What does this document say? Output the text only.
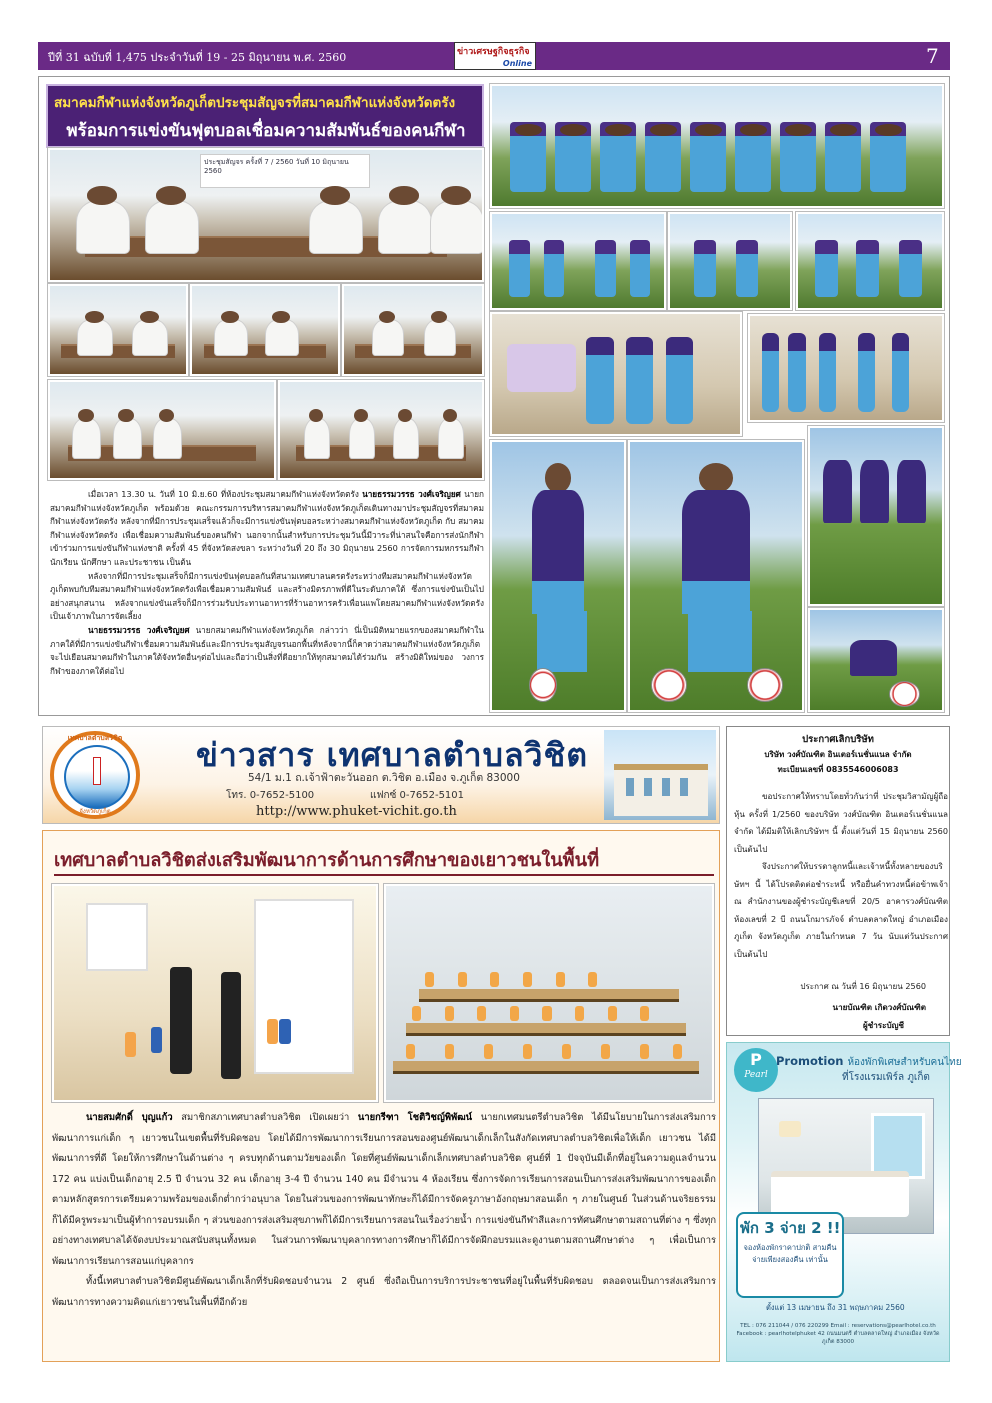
ปีที่ 31 ฉบับที่ 1,475 ประจำวันที่ 19 - 25 มิถุนายน พ.ศ. 2560	ข่าวเศรษฐกิจธุรกิจ
Online	7
สมาคมกีฬาแห่งจังหวัดภูเก็ตประชุมสัญจรที่สมาคมกีฬาแห่งจังหวัดตรัง
พร้อมการแข่งขันฟุตบอลเชื่อมความสัมพันธ์ของคนกีฬา
ประชุมสัญจร ครั้งที่ 7 / 2560 วันที่ 10 มิถุนายน 2560

เมื่อเวลา 13.30 น. วันที่ 10 มิ.ย.60 ที่ห้องประชุมสมาคมกีฬาแห่งจังหวัดตรัง นายธรรมวรรธ วงศ์เจริญยศ นายกสมาคมกีฬาแห่งจังหวัดภูเก็ต พร้อมด้วย คณะกรรมการบริหารสมาคมกีฬาแห่งจังหวัดภูเก็ตเดินทางมาประชุมสัญจรที่สมาคมกีฬาแห่งจังหวัดตรัง หลังจากที่มีการประชุมเสร็จแล้วก็จะมีการแข่งขันฟุตบอลระหว่างสมาคมกีฬาแห่งจังหวัดภูเก็ต กับ สมาคมกีฬาแห่งจังหวัดตรัง เพื่อเชื่อมความสัมพันธ์ของคนกีฬา นอกจากนั้นสำหรับการประชุมวันนี้มีวาระที่น่าสนใจคือการส่งนักกีฬาเข้าร่วมการแข่งขันกีฬาแห่งชาติ ครั้งที่ 45 ที่จังหวัดสงขลา ระหว่างวันที่ 20 ถึง 30 มิถุนายน 2560 การจัดการมหกรรมกีฬานักเรียน นักศึกษา และประชาชน เป็นต้น

หลังจากที่มีการประชุมเสร็จก็มีการแข่งขันฟุตบอลกันที่สนามเทศบาลนครตรังระหว่างทีมสมาคมกีฬาแห่งจังหวัดภูเก็ตพบกับทีมสมาคมกีฬาแห่งจังหวัดตรังเพื่อเชื่อมความสัมพันธ์ และสร้างมิตรภาพที่ดีในระดับภาคใต้ ซึ่งการแข่งขันเป็นไปอย่างสนุกสนาน หลังจากแข่งขันเสร็จก็มีการร่วมรับประทานอาหารที่ร้านอาหารครัวเพื่อนแพโดยสมาคมกีฬาแห่งจังหวัดตรังเป็นเจ้าภาพในการจัดเลี้ยง

นายธรรมวรรธ วงศ์เจริญยศ นายกสมาคมกีฬาแห่งจังหวัดภูเก็ต กล่าวว่า นี่เป็นมิติหมายแรกของสมาคมกีฬาในภาคใต้ที่มีการแข่งขันกีฬาเชื่อมความสัมพันธ์และมีการประชุมสัญจรนอกพื้นที่หลังจากนี้ก็คาดว่าสมาคมกีฬาแห่งจังหวัดภูเก็ตจะไปเยือนสมาคมกีฬาในภาคใต้จังหวัดอื่นๆต่อไปและถือว่าเป็นสิ่งที่ดีอยากให้ทุกสมาคมได้ร่วมกัน สร้างมิติใหม่ของ วงการกีฬาของภาคใต้ต่อไป

เทศบาลตำบลวิชิต
จังหวัดภูเก็ต
ข่าวสาร เทศบาลตำบลวิชิต
54/1 ม.1 ถ.เจ้าฟ้าตะวันออก ต.วิชิต อ.เมือง จ.ภูเก็ต 83000
โทร. 0-7652-5100	แฟกซ์ 0-7652-5101
http://www.phuket-vichit.go.th
ประกาศเลิกบริษัท
บริษัท วงศ์บัณฑิต อินเตอร์เนชั่นแนล จำกัด
ทะเบียนเลขที่ 0835546006083

ขอประกาศให้ทราบโดยทั่วกันว่าที่ ประชุมวิสามัญผู้ถือหุ้น ครั้งที่ 1/2560 ของบริษัท วงศ์บัณฑิต อินเตอร์เนชั่นแนล จำกัด ได้มีมติให้เลิกบริษัทฯ นี้ ตั้งแต่วันที่ 15 มิถุนายน 2560 เป็นต้นไป

จึงประกาศให้บรรดาลูกหนี้และเจ้าหนี้ทั้งหลายของบริษัทฯ นี้ ได้โปรดติดต่อชำระหนี้ หรือยื่นคำทวงหนี้ต่อข้าพเจ้า ณ สำนักงานของผู้ชำระบัญชีเลขที่ 20/5 อาคารวงศ์บัณฑิต ห้องเลขที่ 2 บี ถนนโกมารภัจจ์ ตำบลตลาดใหญ่ อำเภอเมืองภูเก็ต จังหวัดภูเก็ต ภายในกำหนด 7 วัน นับแต่วันประกาศเป็นต้นไป

ประกาศ ณ วันที่ 16 มิถุนายน 2560
นายบัณฑิต เกิดวงศ์บัณฑิต
ผู้ชำระบัญชี
เทศบาลตำบลวิชิตส่งเสริมพัฒนาการด้านการศึกษาของเยาวชนในพื้นที่

นายสมศักดิ์ บุญแก้ว สมาชิกสภาเทศบาลตำบลวิชิต เปิดเผยว่า นายกรีฑา โชติวิชญ์พิพัฒน์ นายกเทศมนตรีตำบลวิชิต ได้มีนโยบายในการส่งเสริมการพัฒนาการแก่เด็ก ๆ เยาวชนในเขตพื้นที่รับผิดชอบ โดยได้มีการพัฒนาการเรียนการสอนของศูนย์พัฒนาเด็กเล็กในสังกัดเทศบาลตำบลวิชิตเพื่อให้เด็ก เยาวชน ได้มีพัฒนาการที่ดี โดยให้การศึกษาในด้านต่าง ๆ ครบทุกด้านตามวัยของเด็ก โดยที่ศูนย์พัฒนาเด็กเล็กเทศบาลตำบลวิชิต ศูนย์ที่ 1 ปัจจุบันมีเด็กที่อยู่ในความดูแลจำนวน 172 คน แบ่งเป็นเด็กอายุ 2.5 ปี จำนวน 32 คน เด็กอายุ 3-4 ปี จำนวน 140 คน มีจำนวน 4 ห้องเรียน ซึ่งการจัดการเรียนการสอนเป็นการส่งเสริมพัฒนาการของเด็ก ตามหลักสูตรการเตรียมความพร้อมของเด็กต่ำกว่าอนุบาล โดยในส่วนของการพัฒนาทักษะก็ได้มีการจัดครูภาษาอังกฤษมาสอนเด็ก ๆ ภายในศูนย์ ในส่วนด้านจริยธรรมก็ได้มีครูพระมาเป็นผู้ทำการอบรมเด็ก ๆ ส่วนของการส่งเสริมสุขภาพก็ได้มีการเรียนการสอนในเรื่องว่ายน้ำ การแข่งขันกีฬาสีและการทัศนศึกษาตามสถานที่ต่าง ๆ ซึ่งทุกอย่างทางเทศบาลได้จัดงบประมาณสนับสนุนทั้งหมด ในส่วนการพัฒนาบุคลากรทางการศึกษาก็ได้มีการจัดฝึกอบรมและดูงานตามสถานศึกษาต่าง ๆ เพื่อเป็นการพัฒนาการเรียนการสอนแก่บุคลากร

ทั้งนี้เทศบาลตำบลวิชิตมีศูนย์พัฒนาเด็กเล็กที่รับผิดชอบจำนวน 2 ศูนย์ ซึ่งถือเป็นการบริการประชาชนที่อยู่ในพื้นที่รับผิดชอบ ตลอดจนเป็นการส่งเสริมการพัฒนาการทางความคิดแก่เยาวชนในพื้นที่อีกด้วย

P
Pearl
Promotion ห้องพักพิเศษสำหรับคนไทย
ที่โรงแรมเพิร์ล ภูเก็ต
พัก 3 จ่าย 2 !!
จองห้องพักราคาปกติ สามคืนจ่ายเพียงสองคืน เท่านั้น
ตั้งแต่ 13 เมษายน ถึง 31 พฤษภาคม 2560
TEL : 076 211044 / 076 220299 Email : reservations@pearlhotel.co.th Facebook : pearlhotelphuket 42 ถนนมนตรี ตำบลตลาดใหญ่ อำเภอเมือง จังหวัดภูเก็ต 83000
